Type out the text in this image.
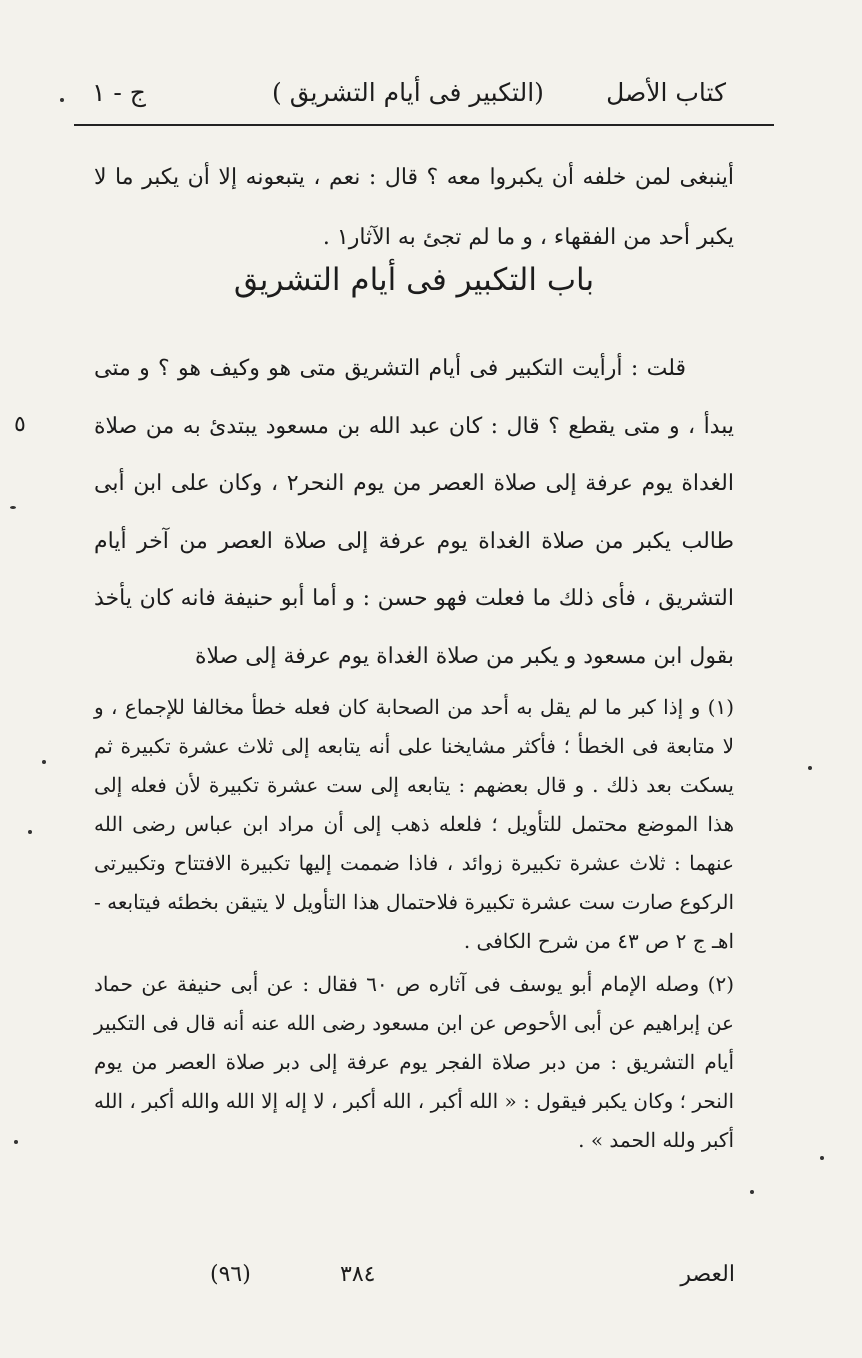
كتاب الأصل
( التكبير فى أيام التشريق)
ج - ١

أينبغى لمن خلفه أن يكبروا معه ؟ قال : نعم ، يتبعونه إلا أن يكبر ما لا يكبر أحد من الفقهاء ، و ما لم تجئ به الآثار١ .

باب التكبير فى أيام التشريق
٥

قلت : أرأيت التكبير فى أيام التشريق متى هو وكيف هو ؟ و متى يبدأ ، و متى يقطع ؟ قال : كان عبد الله بن مسعود يبتدئ به من صلاة الغداة يوم عرفة إلى صلاة العصر من يوم النحر٢ ، وكان على ابن أبى طالب يكبر من صلاة الغداة يوم عرفة إلى صلاة العصر من آخر أيام التشريق ، فأى ذلك ما فعلت فهو حسن : و أما أبو حنيفة فانه كان يأخذ بقول ابن مسعود و يكبر من صلاة الغداة يوم عرفة إلى صلاة

(١) و إذا كبر ما لم يقل به أحد من الصحابة كان فعله خطأ مخالفا للإجماع ، و لا متابعة فى الخطأ ؛ فأكثر مشايخنا على أنه يتابعه إلى ثلاث عشرة تكبيرة ثم يسكت بعد ذلك . و قال بعضهم : يتابعه إلى ست عشرة تكبيرة لأن فعله إلى هذا الموضع محتمل للتأويل ؛ فلعله ذهب إلى أن مراد ابن عباس رضى الله عنهما : ثلاث عشرة تكبيرة زوائد ، فاذا ضممت إليها تكبيرة الافتتاح وتكبيرتى الركوع صارت ست عشرة تكبيرة فلاحتمال هذا التأويل لا يتيقن بخطئه فيتابعه - اهـ ج ٢ ص ٤٣ من شرح الكافى .

(٢) وصله الإمام أبو يوسف فى آثاره ص ٦٠ فقال : عن أبى حنيفة عن حماد عن إبراهيم عن أبى الأحوص عن ابن مسعود رضى الله عنه أنه قال فى التكبير أيام التشريق : من دبر صلاة الفجر يوم عرفة إلى دبر صلاة العصر من يوم النحر ؛ وكان يكبر فيقول : « الله أكبر ، الله أكبر ، لا إله إلا الله والله أكبر ، الله أكبر ولله الحمد » .

العصر
٣٨٤
(٩٦)
